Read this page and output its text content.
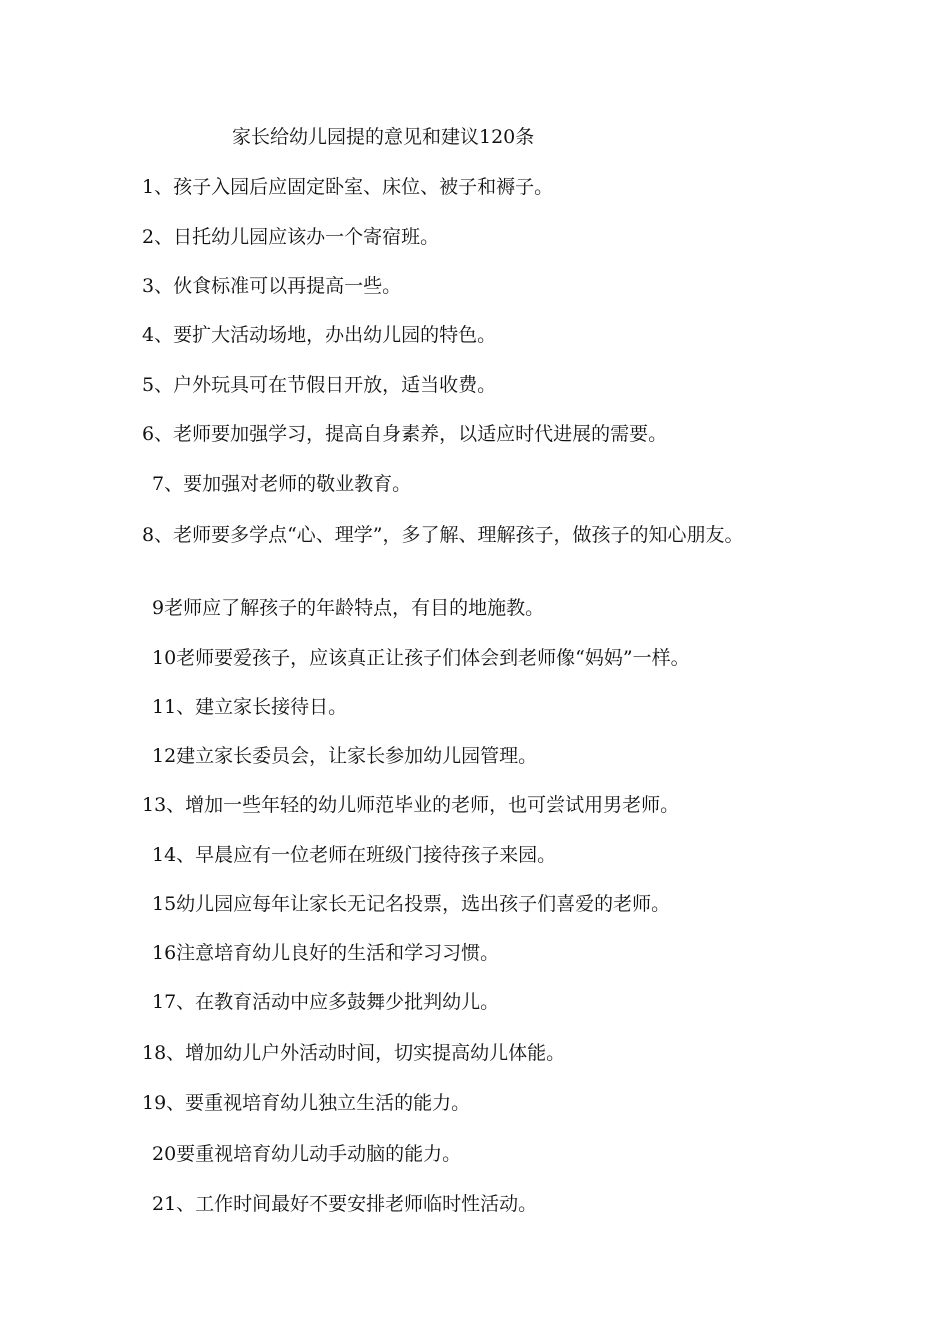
家长给幼儿园提的意见和建议120条
1、孩子入园后应固定卧室、床位、被子和褥子。
2、日托幼儿园应该办一个寄宿班。
3、伙食标准可以再提高一些。
4、要扩大活动场地，办出幼儿园的特色。
5、户外玩具可在节假日开放，适当收费。
6、老师要加强学习，提高自身素养，以适应时代进展的需要。
7、要加强对老师的敬业教育。
8、老师要多学点“心、理学”，多了解、理解孩子，做孩子的知心朋友。
9老师应了解孩子的年龄特点，有目的地施教。
10老师要爱孩子，应该真正让孩子们体会到老师像“妈妈”一样。
11、建立家长接待日。
12建立家长委员会，让家长参加幼儿园管理。
13、增加一些年轻的幼儿师范毕业的老师，也可尝试用男老师。
14、早晨应有一位老师在班级门接待孩子来园。
15幼儿园应每年让家长无记名投票，选出孩子们喜爱的老师。
16注意培育幼儿良好的生活和学习习惯。
17、在教育活动中应多鼓舞少批判幼儿。
18、增加幼儿户外活动时间，切实提高幼儿体能。
19、要重视培育幼儿独立生活的能力。
20要重视培育幼儿动手动脑的能力。
21、工作时间最好不要安排老师临时性活动。
